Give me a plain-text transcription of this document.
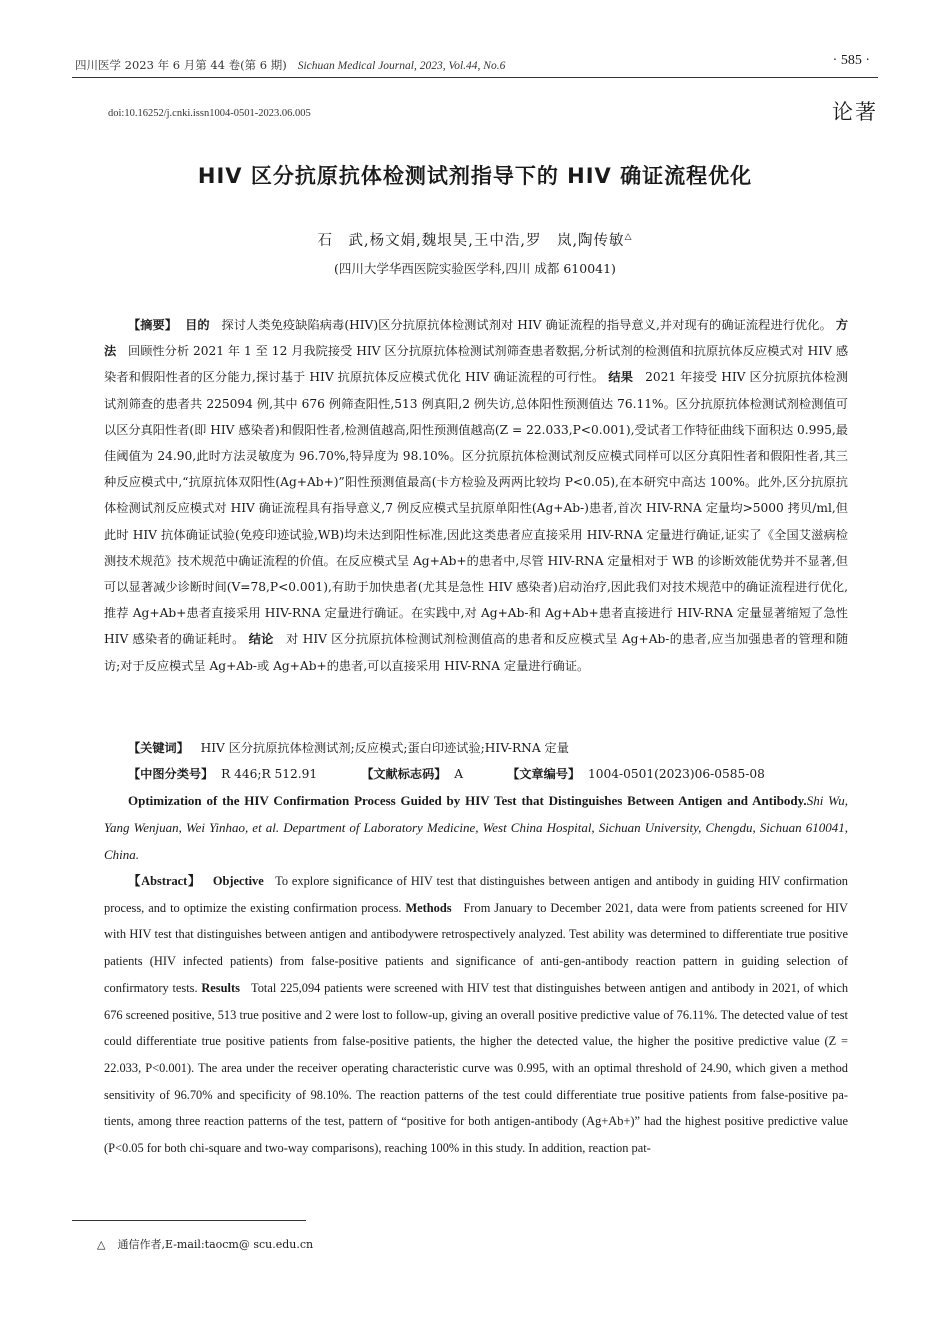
四川医学 2023 年 6 月第 44 卷(第 6 期) Sichuan Medical Journal, 2023, Vol.44, No.6	· 585 ·
doi:10.16252/j.cnki.issn1004-0501-2023.06.005	论著
HIV 区分抗原抗体检测试剂指导下的 HIV 确证流程优化
石　武,杨文娟,魏垠昊,王中浩,罗　岚,陶传敏△
(四川大学华西医院实验医学科,四川 成都 610041)
【摘要】 目的 探讨人类免疫缺陷病毒(HIV)区分抗原抗体检测试剂对 HIV 确证流程的指导意义,并对现有的确证流程进行优化。 方法 回顾性分析 2021 年 1 至 12 月我院接受 HIV 区分抗原抗体检测试剂筛查患者数据,分析试剂的检测值和抗原抗体反应模式对 HIV 感染者和假阳性者的区分能力,探讨基于 HIV 抗原抗体反应模式优化 HIV 确证流程的可行性。 结果 2021 年接受 HIV 区分抗原抗体检测试剂筛查的患者共 225094 例,其中 676 例筛查阳性,513 例真阳,2 例失访,总体阳性预测值达 76.11%。区分抗原抗体检测试剂检测值可以区分真阳性者(即 HIV 感染者)和假阳性者,检测值越高,阳性预测值越高(Z = 22.033,P<0.001),受试者工作特征曲线下面积达 0.995,最佳阈值为 24.90,此时方法灵敏度为 96.70%,特异度为 98.10%。区分抗原抗体检测试剂反应模式同样可以区分真阳性者和假阳性者,其三种反应模式中,“抗原抗体双阳性(Ag+Ab+)”阳性预测值最高(卡方检验及两两比较均 P<0.05),在本研究中高达 100%。此外,区分抗原抗体检测试剂反应模式对 HIV 确证流程具有指导意义,7 例反应模式呈抗原单阳性(Ag+Ab-)患者,首次 HIV-RNA 定量均>5000 拷贝/ml,但此时 HIV 抗体确证试验(免疫印迹试验,WB)均未达到阳性标准,因此这类患者应直接采用 HIV-RNA 定量进行确证,证实了《全国艾滋病检测技术规范》技术规范中确证流程的价值。在反应模式呈 Ag+Ab+的患者中,尽管 HIV-RNA 定量相对于 WB 的诊断效能优势并不显著,但可以显著减少诊断时间(V=78,P<0.001),有助于加快患者(尤其是急性 HIV 感染者)启动治疗,因此我们对技术规范中的确证流程进行优化,推荐 Ag+Ab+患者直接采用 HIV-RNA 定量进行确证。在实践中,对 Ag+Ab-和 Ag+Ab+患者直接进行 HIV-RNA 定量显著缩短了急性 HIV 感染者的确证耗时。 结论 对 HIV 区分抗原抗体检测试剂检测值高的患者和反应模式呈 Ag+Ab-的患者,应当加强患者的管理和随访;对于反应模式呈 Ag+Ab-或 Ag+Ab+的患者,可以直接采用 HIV-RNA 定量进行确证。
【关键词】 HIV 区分抗原抗体检测试剂;反应模式;蛋白印迹试验;HIV-RNA 定量
【中图分类号】 R 446;R 512.91	【文献标志码】 A	【文章编号】 1004-0501(2023)06-0585-08
Optimization of the HIV Confirmation Process Guided by HIV Test that Distinguishes Between Antigen and Antibody.Shi Wu, Yang Wenjuan, Wei Yinhao, et al. Department of Laboratory Medicine, West China Hospital, Sichuan University, Chengdu, Sichuan 610041, China.
【Abstract】 Objective To explore significance of HIV test that distinguishes between antigen and antibody in guiding HIV confirmation process, and to optimize the existing confirmation process. Methods From January to December 2021, data were from patients screened for HIV with HIV test that distinguishes between antigen and antibodywere retrospectively analyzed. Test ability was determined to differentiate true positive patients (HIV infected patients) from false-positive patients and significance of anti-gen-antibody reaction pattern in guiding selection of confirmatory tests. Results Total 225,094 patients were screened with HIV test that distinguishes between antigen and antibody in 2021, of which 676 screened positive, 513 true positive and 2 were lost to follow-up, giving an overall positive predictive value of 76.11%. The detected value of test could differentiate true positive patients from false-positive patients, the higher the detected value, the higher the positive predictive value (Z = 22.033, P<0.001). The area under the receiver operating characteristic curve was 0.995, with an optimal threshold of 24.90, which given a method sensitivity of 96.70% and specificity of 98.10%. The reaction patterns of the test could differentiate true positive patients from false-positive pa-tients, among three reaction patterns of the test, pattern of “positive for both antigen-antibody (Ag+Ab+)” had the highest positive predictive value (P<0.05 for both chi-square and two-way comparisons), reaching 100% in this study. In addition, reaction pat-
△ 通信作者,E-mail:taocm@ scu.edu.cn
